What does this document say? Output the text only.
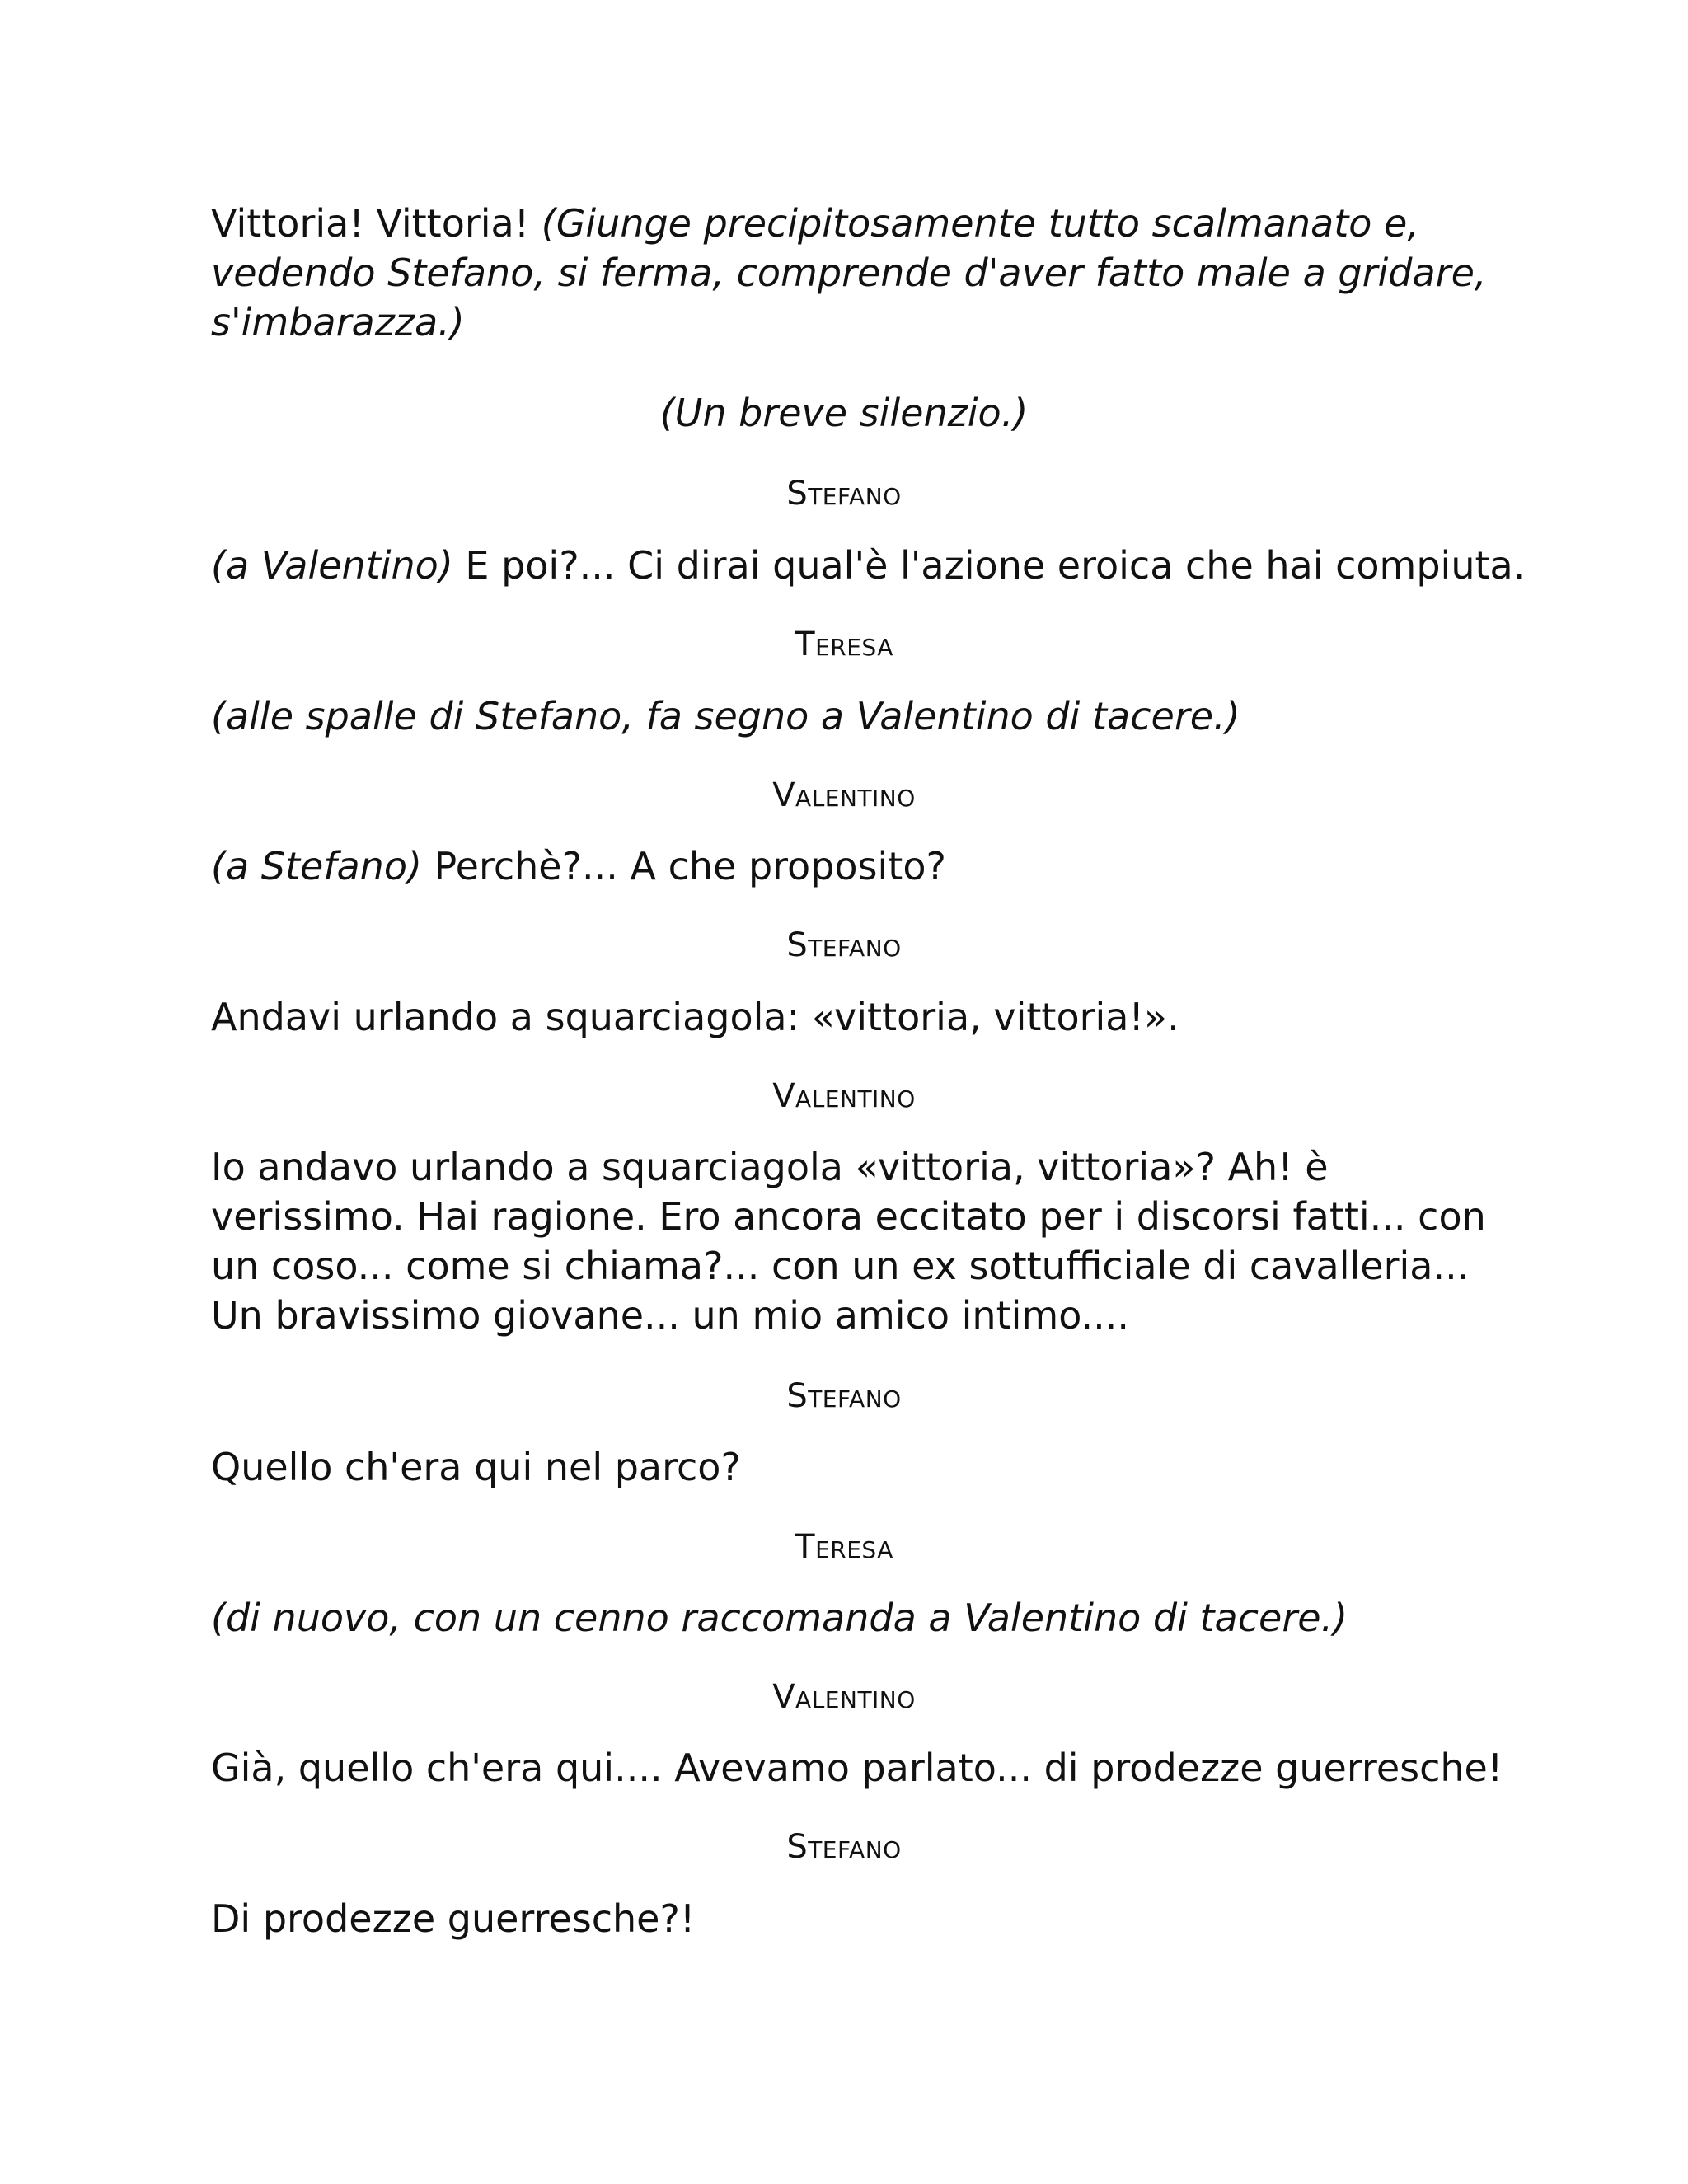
Vittoria! Vittoria! (Giunge precipitosamente tutto scalmanato e,
vedendo Stefano, si ferma, comprende d'aver fatto male a gridare,
s'imbarazza.)
(Un breve silenzio.)
Stefano
(a Valentino) E poi?... Ci dirai qual'è l'azione eroica che hai compiuta.
Teresa
(alle spalle di Stefano, fa segno a Valentino di tacere.)
Valentino
(a Stefano) Perchè?... A che proposito?
Stefano
Andavi urlando a squarciagola: «vittoria, vittoria!».
Valentino
Io andavo urlando a squarciagola «vittoria, vittoria»? Ah! è
verissimo. Hai ragione. Ero ancora eccitato per i discorsi fatti... con
un coso... come si chiama?... con un ex sottufficiale di cavalleria...
Un bravissimo giovane... un mio amico intimo....
Stefano
Quello ch'era qui nel parco?
Teresa
(di nuovo, con un cenno raccomanda a Valentino di tacere.)
Valentino
Già, quello ch'era qui.... Avevamo parlato... di prodezze guerresche!
Stefano
Di prodezze guerresche?!
